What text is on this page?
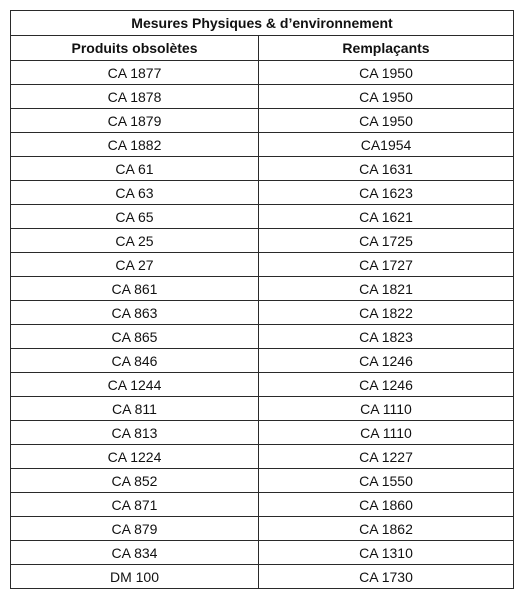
Mesures Physiques & d’environnement	
Produits obsolètes	Remplaçants
CA 1877	CA 1950
CA 1878	CA 1950
CA 1879	CA 1950
CA 1882	CA1954
CA 61	CA 1631
CA 63	CA 1623
CA 65	CA 1621
CA 25	CA 1725
CA 27	CA 1727
CA 861	CA 1821
CA 863	CA 1822
CA 865	CA 1823
CA 846	CA 1246
CA 1244	CA 1246
CA 811	CA 1110
CA 813	CA 1110
CA 1224	CA 1227
CA 852	CA 1550
CA 871	CA 1860
CA 879	CA 1862
CA 834	CA 1310
DM 100	CA 1730
